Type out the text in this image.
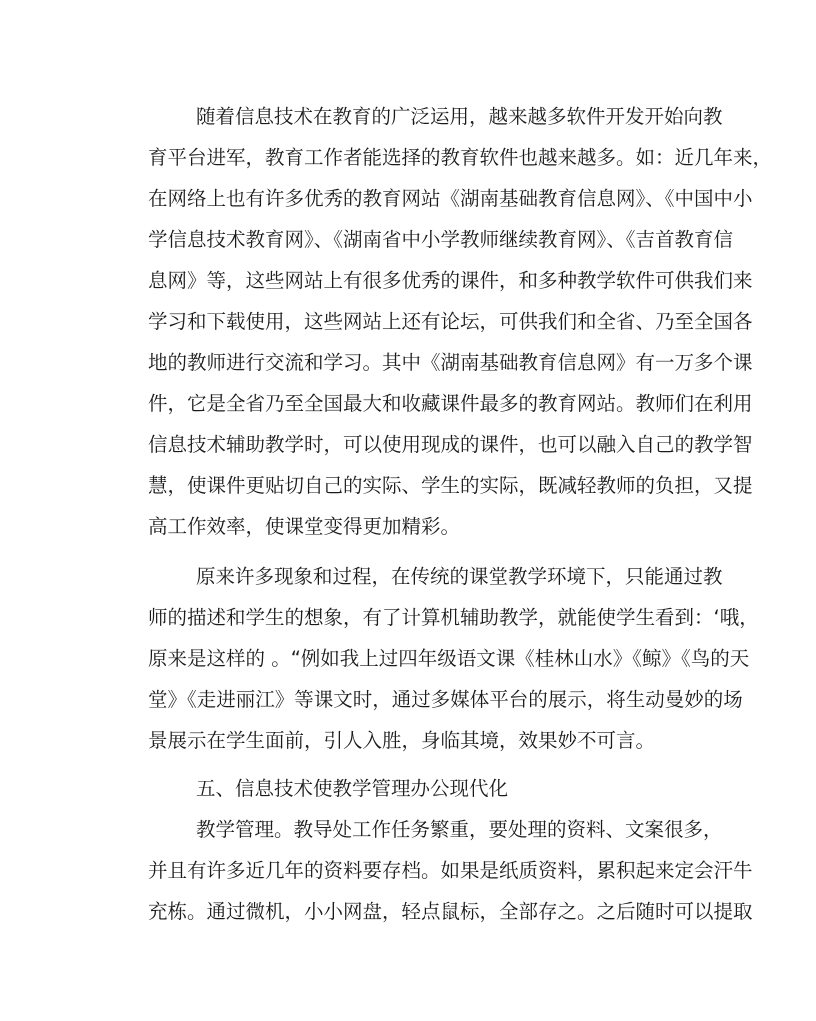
随着信息技术在教育的广泛运用，越来越多软件开发开始向教
育平台进军，教育工作者能选择的教育软件也越来越多。如：近几年来，
在网络上也有许多优秀的教育网站《湖南基础教育信息网》、《中国中小
学信息技术教育网》、《湖南省中小学教师继续教育网》、《吉首教育信
息网》等，这些网站上有很多优秀的课件，和多种教学软件可供我们来
学习和下载使用，这些网站上还有论坛，可供我们和全省、乃至全国各
地的教师进行交流和学习。其中《湖南基础教育信息网》有一万多个课
件，它是全省乃至全国最大和收藏课件最多的教育网站。教师们在利用
信息技术辅助教学时，可以使用现成的课件，也可以融入自己的教学智
慧，使课件更贴切自己的实际、学生的实际，既减轻教师的负担，又提
高工作效率，使课堂变得更加精彩。
原来许多现象和过程，在传统的课堂教学环境下，只能通过教
师的描述和学生的想象，有了计算机辅助教学，就能使学生看到：‘哦，
原来是这样的 。“例如我上过四年级语文课《桂林山水》《鲸》《鸟的天
堂》《走进丽江》等课文时，通过多媒体平台的展示，将生动曼妙的场
景展示在学生面前，引人入胜，身临其境，效果妙不可言。
五、信息技术使教学管理办公现代化
教学管理。教导处工作任务繁重，要处理的资料、文案很多，
并且有许多近几年的资料要存档。如果是纸质资料，累积起来定会汗牛
充栋。通过微机，小小网盘，轻点鼠标，全部存之。之后随时可以提取
